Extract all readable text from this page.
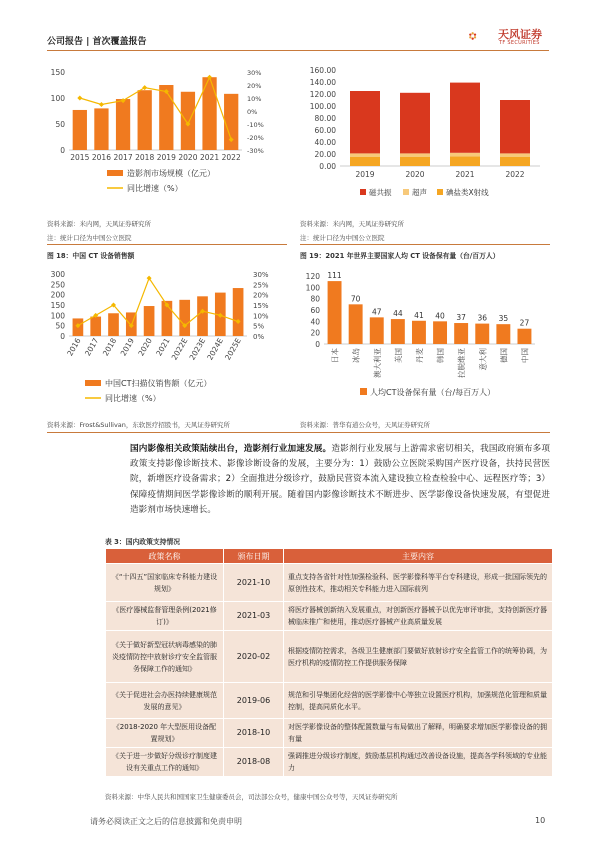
公司报告 | 首次覆盖报告
天风证券
TF SECURITIES
0
50
100
150
-30%
-20%
-10%
0%
10%
20%
30%
2015 2016 2017 2018 2019 2020 2021 2022
造影剂市场规模（亿元）
同比增速（%）
资料来源：米内网，天风证券研究所
注：统计口径为中国公立医院
0.00
20.00
40.00
60.00
80.00
100.00
120.00
140.00
160.00
2019	2020	2021	2022
磁共振	超声	碘盐类X射线
资料来源：米内网，天风证券研究所
注：统计口径为中国公立医院
图 18：中国 CT 设备销售额	图 19：2021 年世界主要国家人均 CT 设备保有量（台/百万人）
0
50
100
150
200
250
300
0%
5%
10%
15%
20%
25%
30%
2016 2017 2018 2019 2020 2021
2022E
2023E
2024E
2025E
中国CT扫描仪销售额（亿元）
同比增速（%）
资料来源：Frost&Sullivan，东软医疗招股书，天风证券研究所
0
20
40
60
80
100
120 111
日本
70
冰岛
47
澳大利亚
44
美国
41
丹麦
40
韩国
37
拉脱维亚
36
意大利
35
德国
27
中国
人均CT设备保有量（台/每百万人）
资料来源：普华有道公众号，天风证券研究所
国内影像相关政策陆续出台，造影剂行业加速发展。造影剂行业发展与上游需求密切相关，我国政府颁布多项政策支持影像诊断技术、影像诊断设备的发展，主要分为：1）鼓励公立医院采购国产医疗设备，扶持民营医院，新增医疗设备需求；2）全面推进分级诊疗，鼓励民营资本流入建设独立检查检验中心、远程医疗等；3）保障疫情期间医学影像诊断的顺利开展。随着国内影像诊断技术不断进步、医学影像设备快速发展，有望促进造影剂市场快速增长。
表 3：国内政策支持情况
政策名称	颁布日期	主要内容
《“十四五”国家临床专科能力建设规划》	2021-10	重点支持各省针对性加强检验科、医学影像科等平台专科建设，形成一批国际领先的原创性技术，推动相关专科能力进入国际前列
《医疗器械监督管理条例(2021修订)》	2021-03	将医疗器械创新纳入发展重点，对创新医疗器械予以优先审评审批，支持创新医疗器械临床推广和使用，推动医疗器械产业高质量发展
《关于做好新型冠状病毒感染的肺炎疫情防控中放射诊疗安全监管服务保障工作的通知》	2020-02	根据疫情防控需求，各级卫生健康部门要做好放射诊疗安全监管工作的统筹协调，为医疗机构的疫情防控工作提供服务保障
《关于促进社会办医持续健康规范发展的意见》	2019-06	规范和引导集团化经营的医学影像中心等独立设置医疗机构，加强规范化管理和质量控制，提高同质化水平。
《2018-2020 年大型医用设备配置规划》	2018-10	对医学影像设备的整体配置数量与布局做出了解释，明确要求增加医学影像设备的拥有量
《关于进一步做好分级诊疗制度建设有关重点工作的通知》	2018-08	强调推进分级诊疗制度，鼓励基层机构通过改善设备设施，提高各学科领域的专业能力
资料来源：中华人民共和国国家卫生健康委员会，司法部公众号，健康中国公众号等，天风证券研究所
请务必阅读正文之后的信息披露和免责申明	10
